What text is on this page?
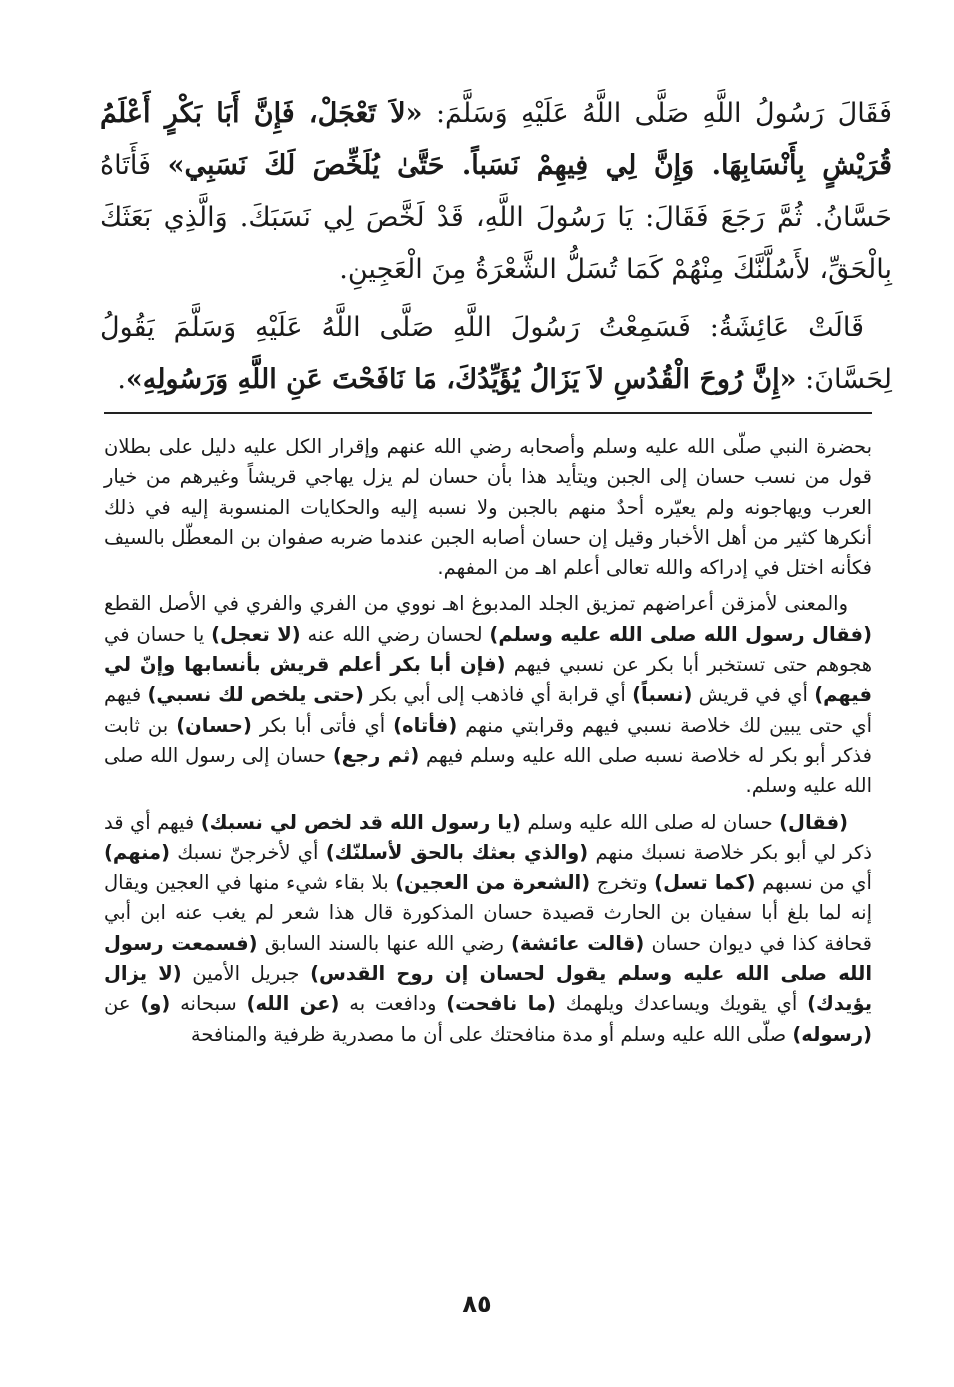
فَقَالَ رَسُولُ اللَّهِ صَلَّى اللَّهُ عَلَيْهِ وَسَلَّمَ: «لاَ تَعْجَلْ، فَإِنَّ أَبَا بَكْرٍ أَعْلَمُ قُرَيْشٍ بِأَنْسَابِهَا. وَإِنَّ لِي فِيهِمْ نَسَباً. حَتَّىٰ يُلَخِّصَ لَكَ نَسَبِي» فَأَتَاهُ حَسَّانُ. ثُمَّ رَجَعَ فَقَالَ: يَا رَسُولَ اللَّهِ، قَدْ لَخَّصَ لِي نَسَبَكَ. وَالَّذِي بَعَثَكَ بِالْحَقِّ، لأَسُلَّنَّكَ مِنْهُمْ كَمَا تُسَلُّ الشَّعْرَةُ مِنَ الْعَجِينِ.

قَالَتْ عَائِشَةُ: فَسَمِعْتُ رَسُولَ اللَّهِ صَلَّى اللَّهُ عَلَيْهِ وَسَلَّمَ يَقُولُ لِحَسَّانَ: «إِنَّ رُوحَ الْقُدُسِ لاَ يَزَالُ يُؤَيِّدُكَ، مَا نَافَحْتَ عَنِ اللَّهِ وَرَسُولِهِ».

بحضرة النبي صلّى الله عليه وسلم وأصحابه رضي الله عنهم وإقرار الكل عليه دليل على بطلان قول من نسب حسان إلى الجبن ويتأيد هذا بأن حسان لم يزل يهاجي قريشاً وغيرهم من خيار العرب ويهاجونه ولم يعيّره أحدٌ منهم بالجبن ولا نسبه إليه والحكايات المنسوبة إليه في ذلك أنكرها كثير من أهل الأخبار وقيل إن حسان أصابه الجبن عندما ضربه صفوان بن المعطّل بالسيف فكأنه اختل في إدراكه والله تعالى أعلم اهـ من المفهم.

والمعنى لأمزقن أعراضهم تمزيق الجلد المدبوغ اهـ نووي من الفري والفري في الأصل القطع (فقال رسول الله صلى الله عليه وسلم) لحسان رضي الله عنه (لا تعجل) يا حسان في هجوهم حتى تستخبر أبا بكر عن نسبي فيهم (فإن أبا بكر أعلم قريش بأنسابها وإنّ لي فيهم) أي في قريش (نسباً) أي قرابة أي فاذهب إلى أبي بكر (حتى يلخص لك نسبي) فيهم أي حتى يبين لك خلاصة نسبي فيهم وقرابتي منهم (فأتاه) أي فأتى أبا بكر (حسان) بن ثابت فذكر أبو بكر له خلاصة نسبه صلى الله عليه وسلم فيهم (ثم رجع) حسان إلى رسول الله صلى الله عليه وسلم.

(فقال) حسان له صلى الله عليه وسلم (يا رسول الله قد لخص لي نسبك) فيهم أي قد ذكر لي أبو بكر خلاصة نسبك منهم (والذي بعثك بالحق لأسلنّك) أي لأخرجنّ نسبك (منهم) أي من نسبهم (كما تسل) وتخرج (الشعرة من العجين) بلا بقاء شيء منها في العجين ويقال إنه لما بلغ أبا سفيان بن الحارث قصيدة حسان المذكورة قال هذا شعر لم يغب عنه ابن أبي قحافة كذا في ديوان حسان (قالت عائشة) رضي الله عنها بالسند السابق (فسمعت رسول الله صلى الله عليه وسلم يقول لحسان إن روح القدس) جبريل الأمين (لا يزال يؤيدك) أي يقويك ويساعدك ويلهمك (ما نافحت) ودافعت به (عن الله) سبحانه (و) عن (رسوله) صلّى الله عليه وسلم أو مدة منافحتك على أن ما مصدرية ظرفية والمنافحة

٨٥
